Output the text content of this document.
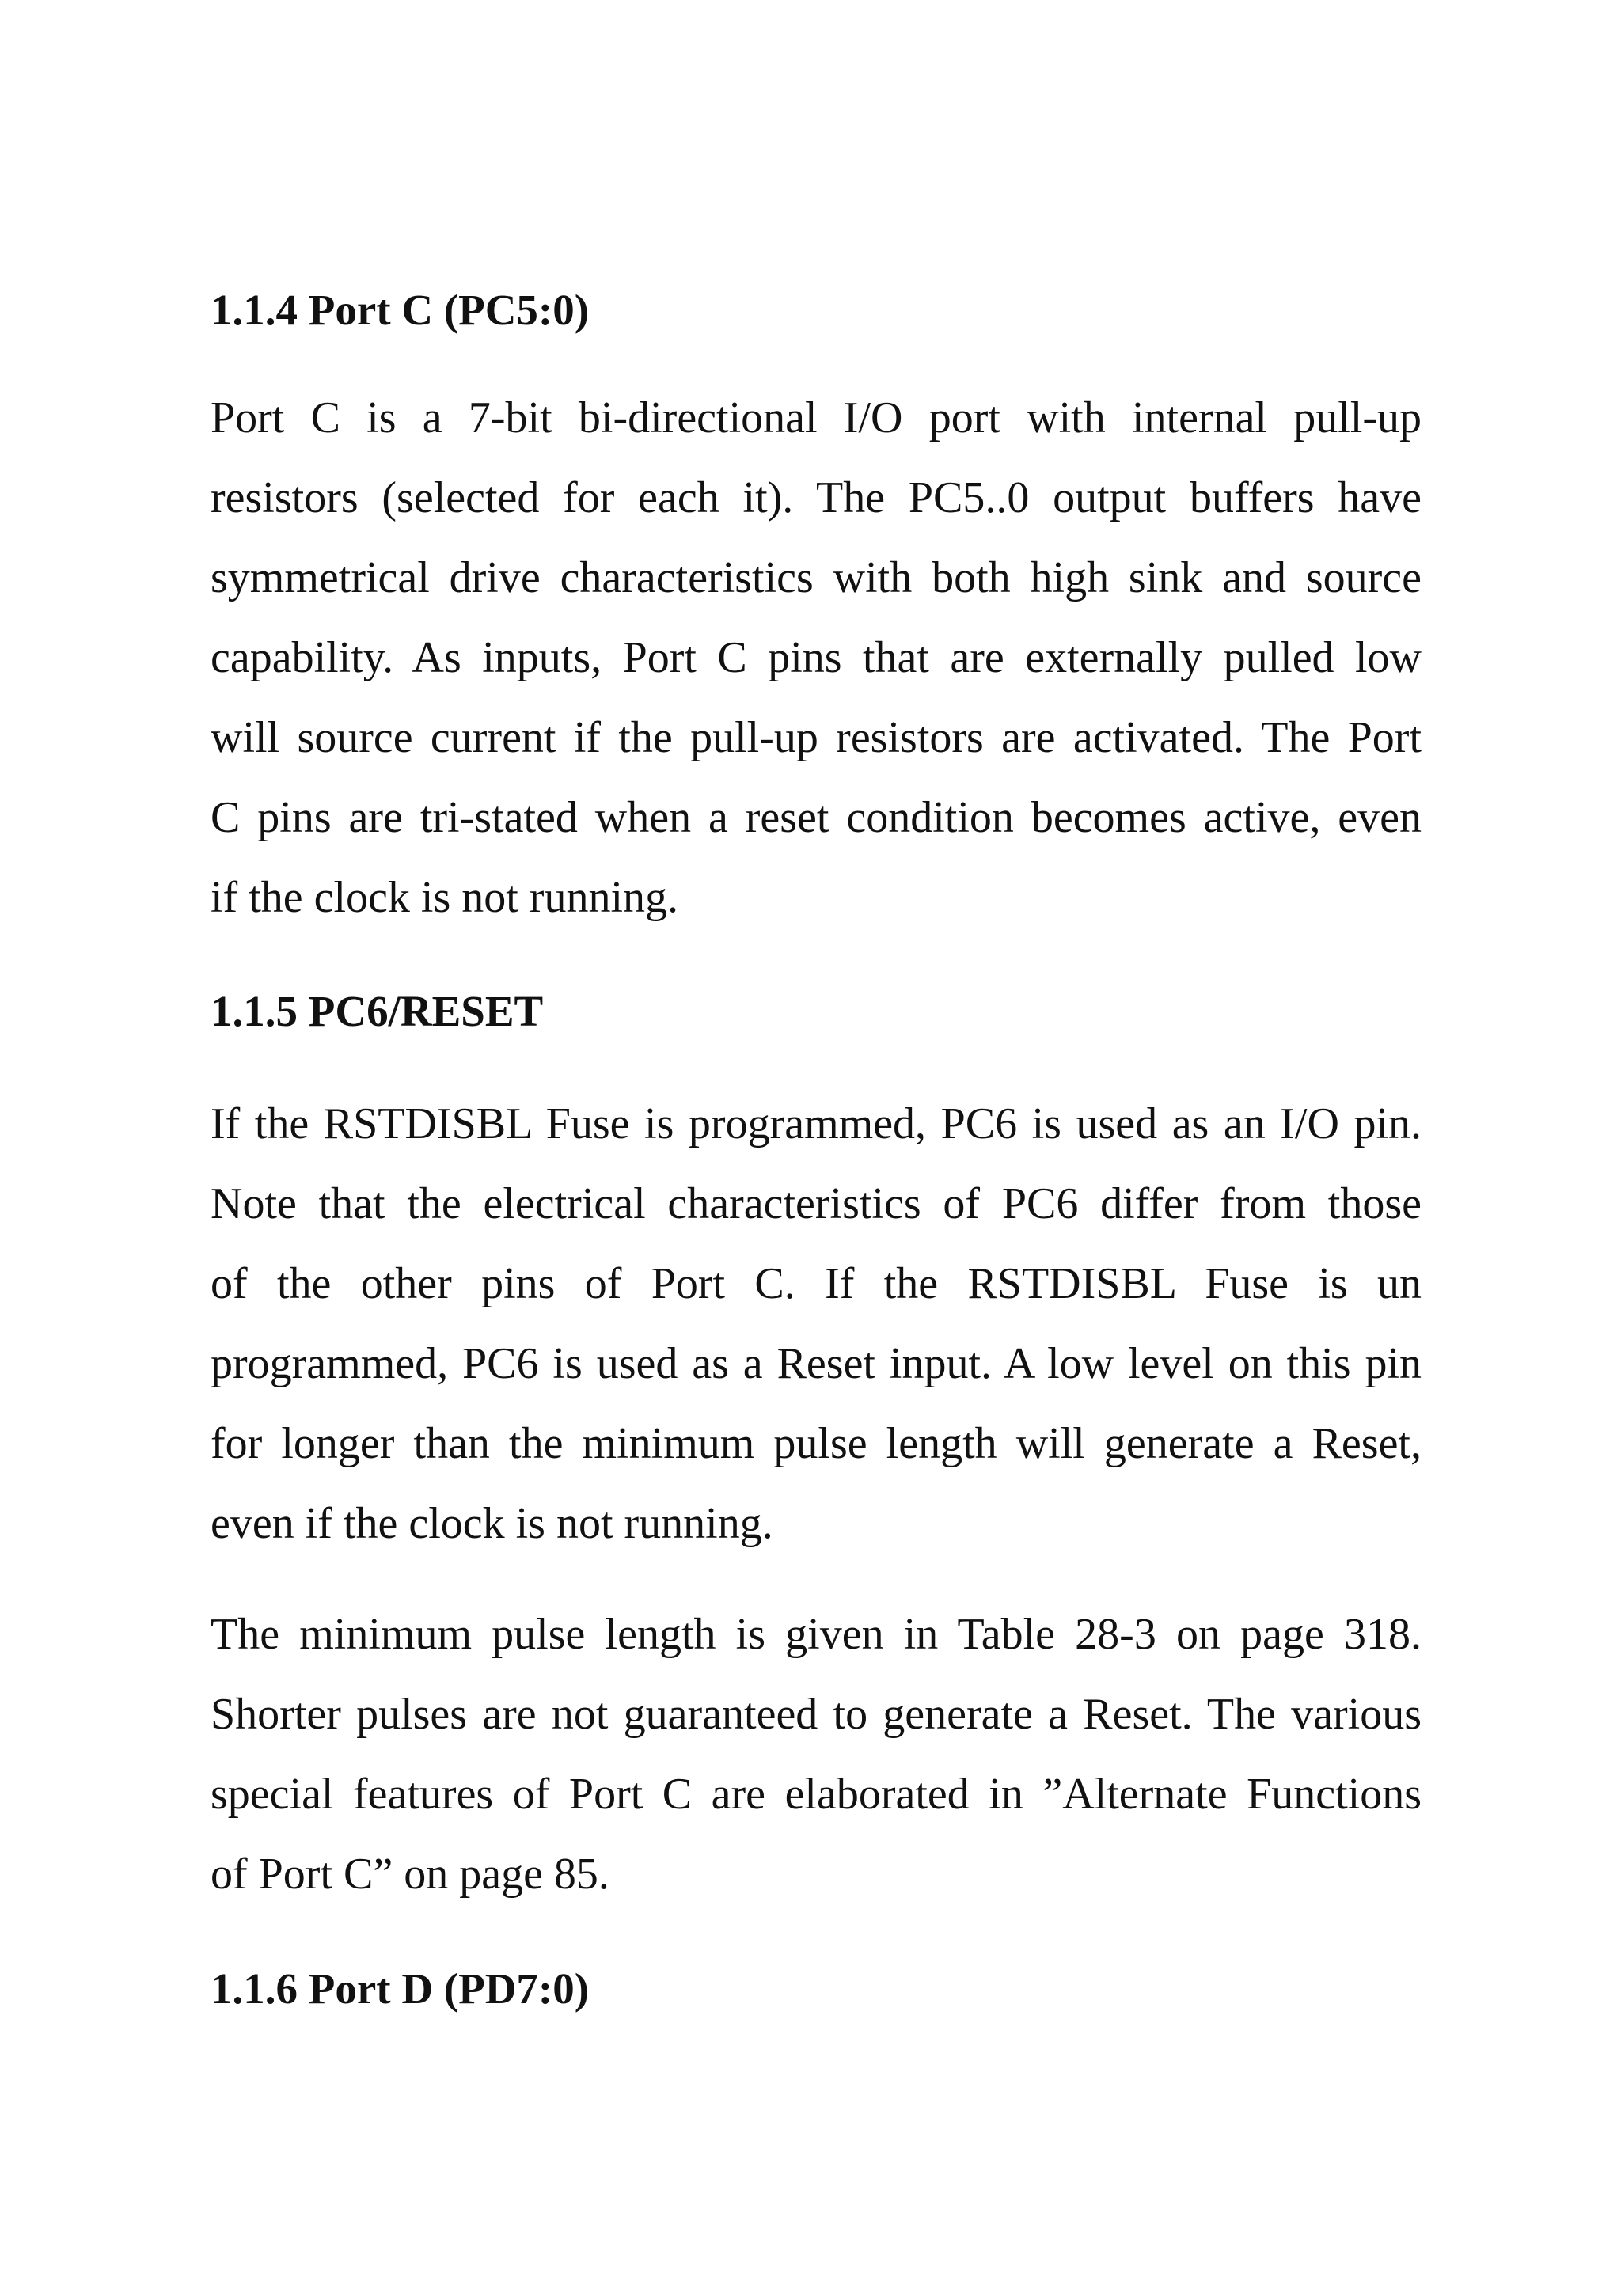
1.1.4 Port C (PC5:0)
Port C is a 7-bit bi-directional I/O port with internal pull-up
resistors (selected for each it). The PC5..0 output buffers have
symmetrical drive characteristics with both high sink and source
capability. As inputs, Port C pins that are externally pulled low
will source current if the pull-up resistors are activated. The Port
C pins are tri-stated when a reset condition becomes active, even
if the clock is not running.
1.1.5 PC6/RESET
If the RSTDISBL Fuse is programmed, PC6 is used as an I/O pin.
Note that the electrical characteristics of PC6 differ from those
of the other pins of Port C. If the RSTDISBL Fuse is un
programmed, PC6 is used as a Reset input. A low level on this pin
for longer than the minimum pulse length will generate a Reset,
even if the clock is not running.
The minimum pulse length is given in Table 28-3 on page 318.
Shorter pulses are not guaranteed to generate a Reset. The various
special features of Port C are elaborated in ”Alternate Functions
of Port C” on page 85.
1.1.6 Port D (PD7:0)
